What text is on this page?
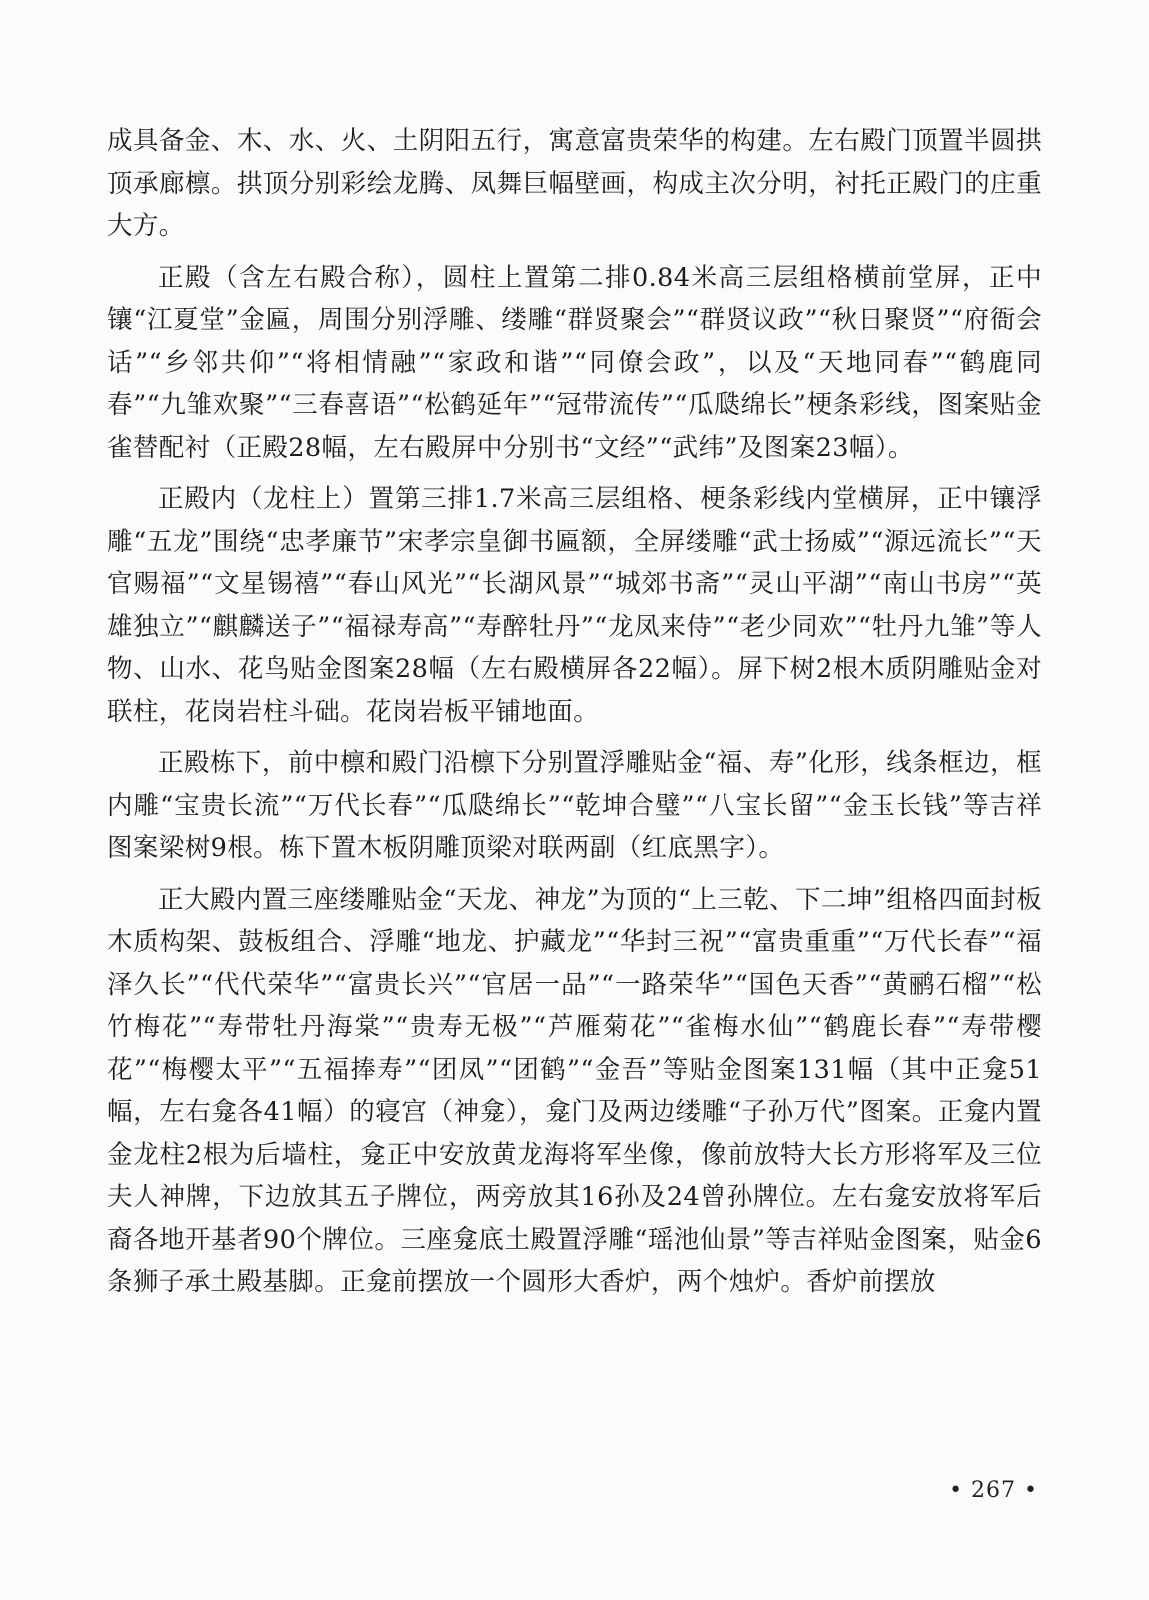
成具备金、木、水、火、土阴阳五行，寓意富贵荣华的构建。左右殿门顶置半圆拱顶承廊檩。拱顶分别彩绘龙腾、凤舞巨幅壁画，构成主次分明，衬托正殿门的庄重大方。

正殿（含左右殿合称），圆柱上置第二排0.84米高三层组格横前堂屏，正中镶“江夏堂”金匾，周围分别浮雕、缕雕“群贤聚会”“群贤议政”“秋日聚贤”“府衙会话”“乡邻共仰”“将相情融”“家政和谐”“同僚会政”，以及“天地同春”“鹤鹿同春”“九雏欢聚”“三春喜语”“松鹤延年”“冠带流传”“瓜瓞绵长”梗条彩线，图案贴金雀替配衬（正殿28幅，左右殿屏中分别书“文经”“武纬”及图案23幅）。

正殿内（龙柱上）置第三排1.7米高三层组格、梗条彩线内堂横屏，正中镶浮雕“五龙”围绕“忠孝廉节”宋孝宗皇御书匾额，全屏缕雕“武士扬威”“源远流长”“天官赐福”“文星锡禧”“春山风光”“长湖风景”“城郊书斋”“灵山平湖”“南山书房”“英雄独立”“麒麟送子”“福禄寿高”“寿醉牡丹”“龙凤来侍”“老少同欢”“牡丹九雏”等人物、山水、花鸟贴金图案28幅（左右殿横屏各22幅）。屏下树2根木质阴雕贴金对联柱，花岗岩柱斗础。花岗岩板平铺地面。

正殿栋下，前中檩和殿门沿檩下分别置浮雕贴金“福、寿”化形，线条框边，框内雕“宝贵长流”“万代长春”“瓜瓞绵长”“乾坤合璧”“八宝长留”“金玉长钱”等吉祥图案梁树9根。栋下置木板阴雕顶梁对联两副（红底黑字）。

正大殿内置三座缕雕贴金“天龙、神龙”为顶的“上三乾、下二坤”组格四面封板木质构架、鼓板组合、浮雕“地龙、护藏龙”“华封三祝”“富贵重重”“万代长春”“福泽久长”“代代荣华”“富贵长兴”“官居一品”“一路荣华”“国色天香”“黄鹂石榴”“松竹梅花”“寿带牡丹海棠”“贵寿无极”“芦雁菊花”“雀梅水仙”“鹤鹿长春”“寿带樱花”“梅樱太平”“五福捧寿”“团凤”“团鹤”“金吾”等贴金图案131幅（其中正龛51幅，左右龛各41幅）的寝宫（神龛），龛门及两边缕雕“子孙万代”图案。正龛内置金龙柱2根为后墙柱，龛正中安放黄龙海将军坐像，像前放特大长方形将军及三位夫人神牌，下边放其五子牌位，两旁放其16孙及24曾孙牌位。左右龛安放将军后裔各地开基者90个牌位。三座龛底土殿置浮雕“瑶池仙景”等吉祥贴金图案，贴金6条狮子承土殿基脚。正龛前摆放一个圆形大香炉，两个烛炉。香炉前摆放

• 267 •
